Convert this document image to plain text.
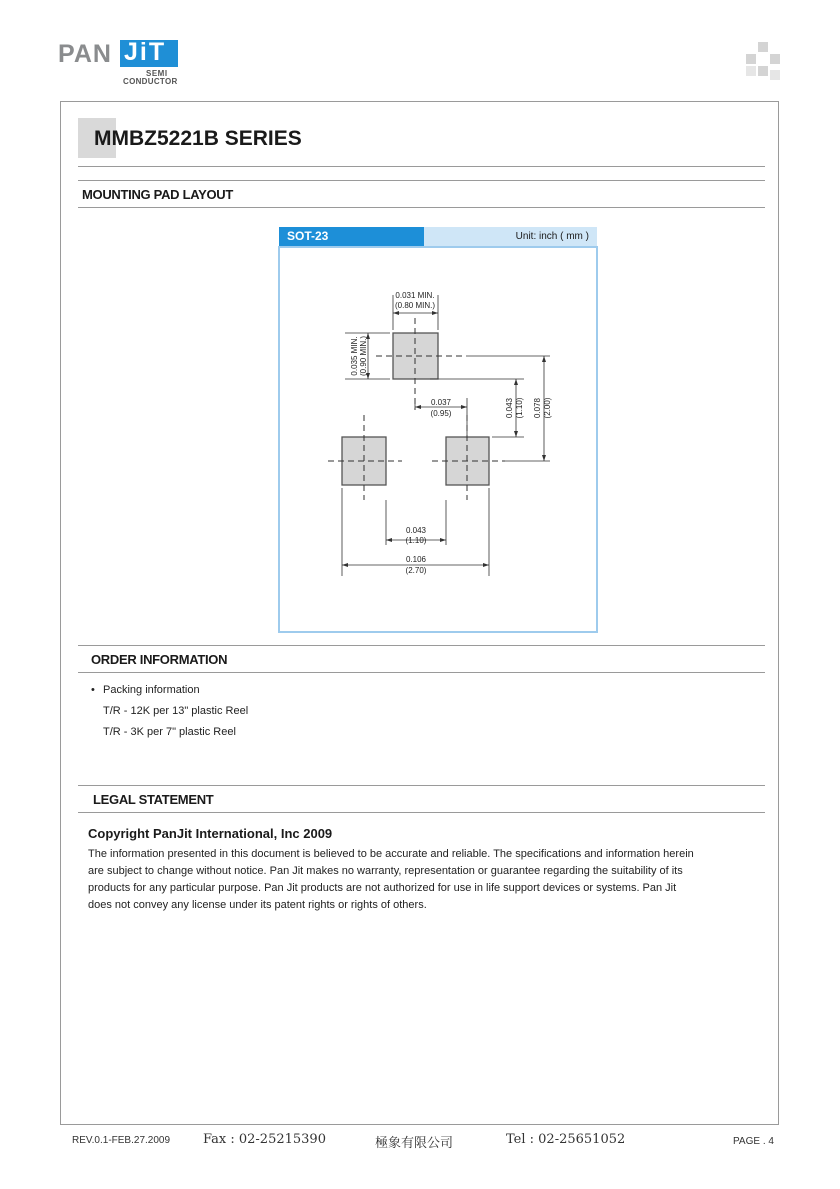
PAN JiT
SEMI
CONDUCTOR
MMBZ5221B SERIES
MOUNTING PAD LAYOUT
SOT-23	Unit: inch ( mm )
0.031 MIN.
(0.80 MIN.)
0.035 MIN. (0.90 MIN.)
0.037
(0.95)	0.043 (1.10) 0.078 (2.00)
0.043
(1.10)
0.106
(2.70)
ORDER INFORMATION
• Packing information
T/R - 12K per 13" plastic Reel
T/R - 3K per 7" plastic Reel
LEGAL STATEMENT
Copyright PanJit International, Inc 2009
The information presented in this document is believed to be accurate and reliable. The specifications and information herein
are subject to change without notice. Pan Jit makes no warranty, representation or guarantee regarding the suitability of its
products for any particular purpose. Pan Jit products are not authorized for use in life support devices or systems. Pan Jit
does not convey any license under its patent rights or rights of others.
REV.0.1-FEB.27.2009	Fax : 02-25215390	極象有限公司	Tel : 02-25651052	PAGE . 4
